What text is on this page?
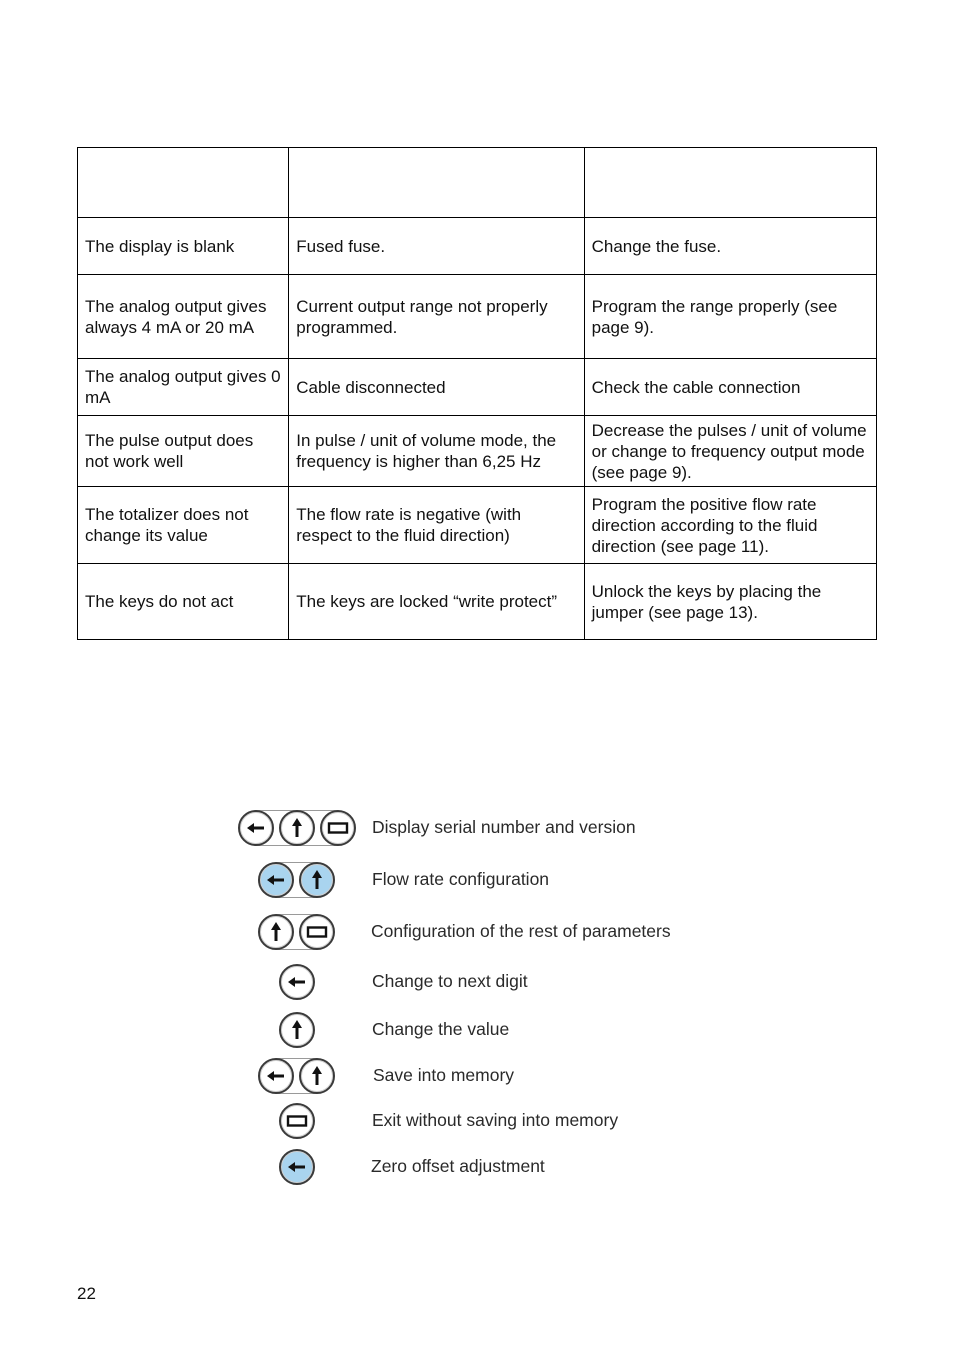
The display is blank	Fused fuse.	Change the fuse.
The analog output gives always 4 mA or 20 mA	Current output range not properly programmed.	Program the range properly (see page 9).
The analog output gives 0 mA	Cable disconnected	Check the cable connection
The pulse output does not work well	In pulse / unit of volume mode, the frequency is higher than 6,25 Hz	Decrease the pulses / unit of volume or change to frequency output mode (see page 9).
The totalizer does not change its value	The flow rate is negative (with respect to the fluid direction)	Program the positive flow rate direction according to the fluid direction (see page 11).
The keys do not act	The keys are locked “write protect”	Unlock the keys by placing the jumper (see page 13).
Display serial number and version
Flow rate configuration
Configuration of the rest of parameters
Change to next digit
Change the value
Save into memory
Exit without saving into memory
Zero offset adjustment
22
